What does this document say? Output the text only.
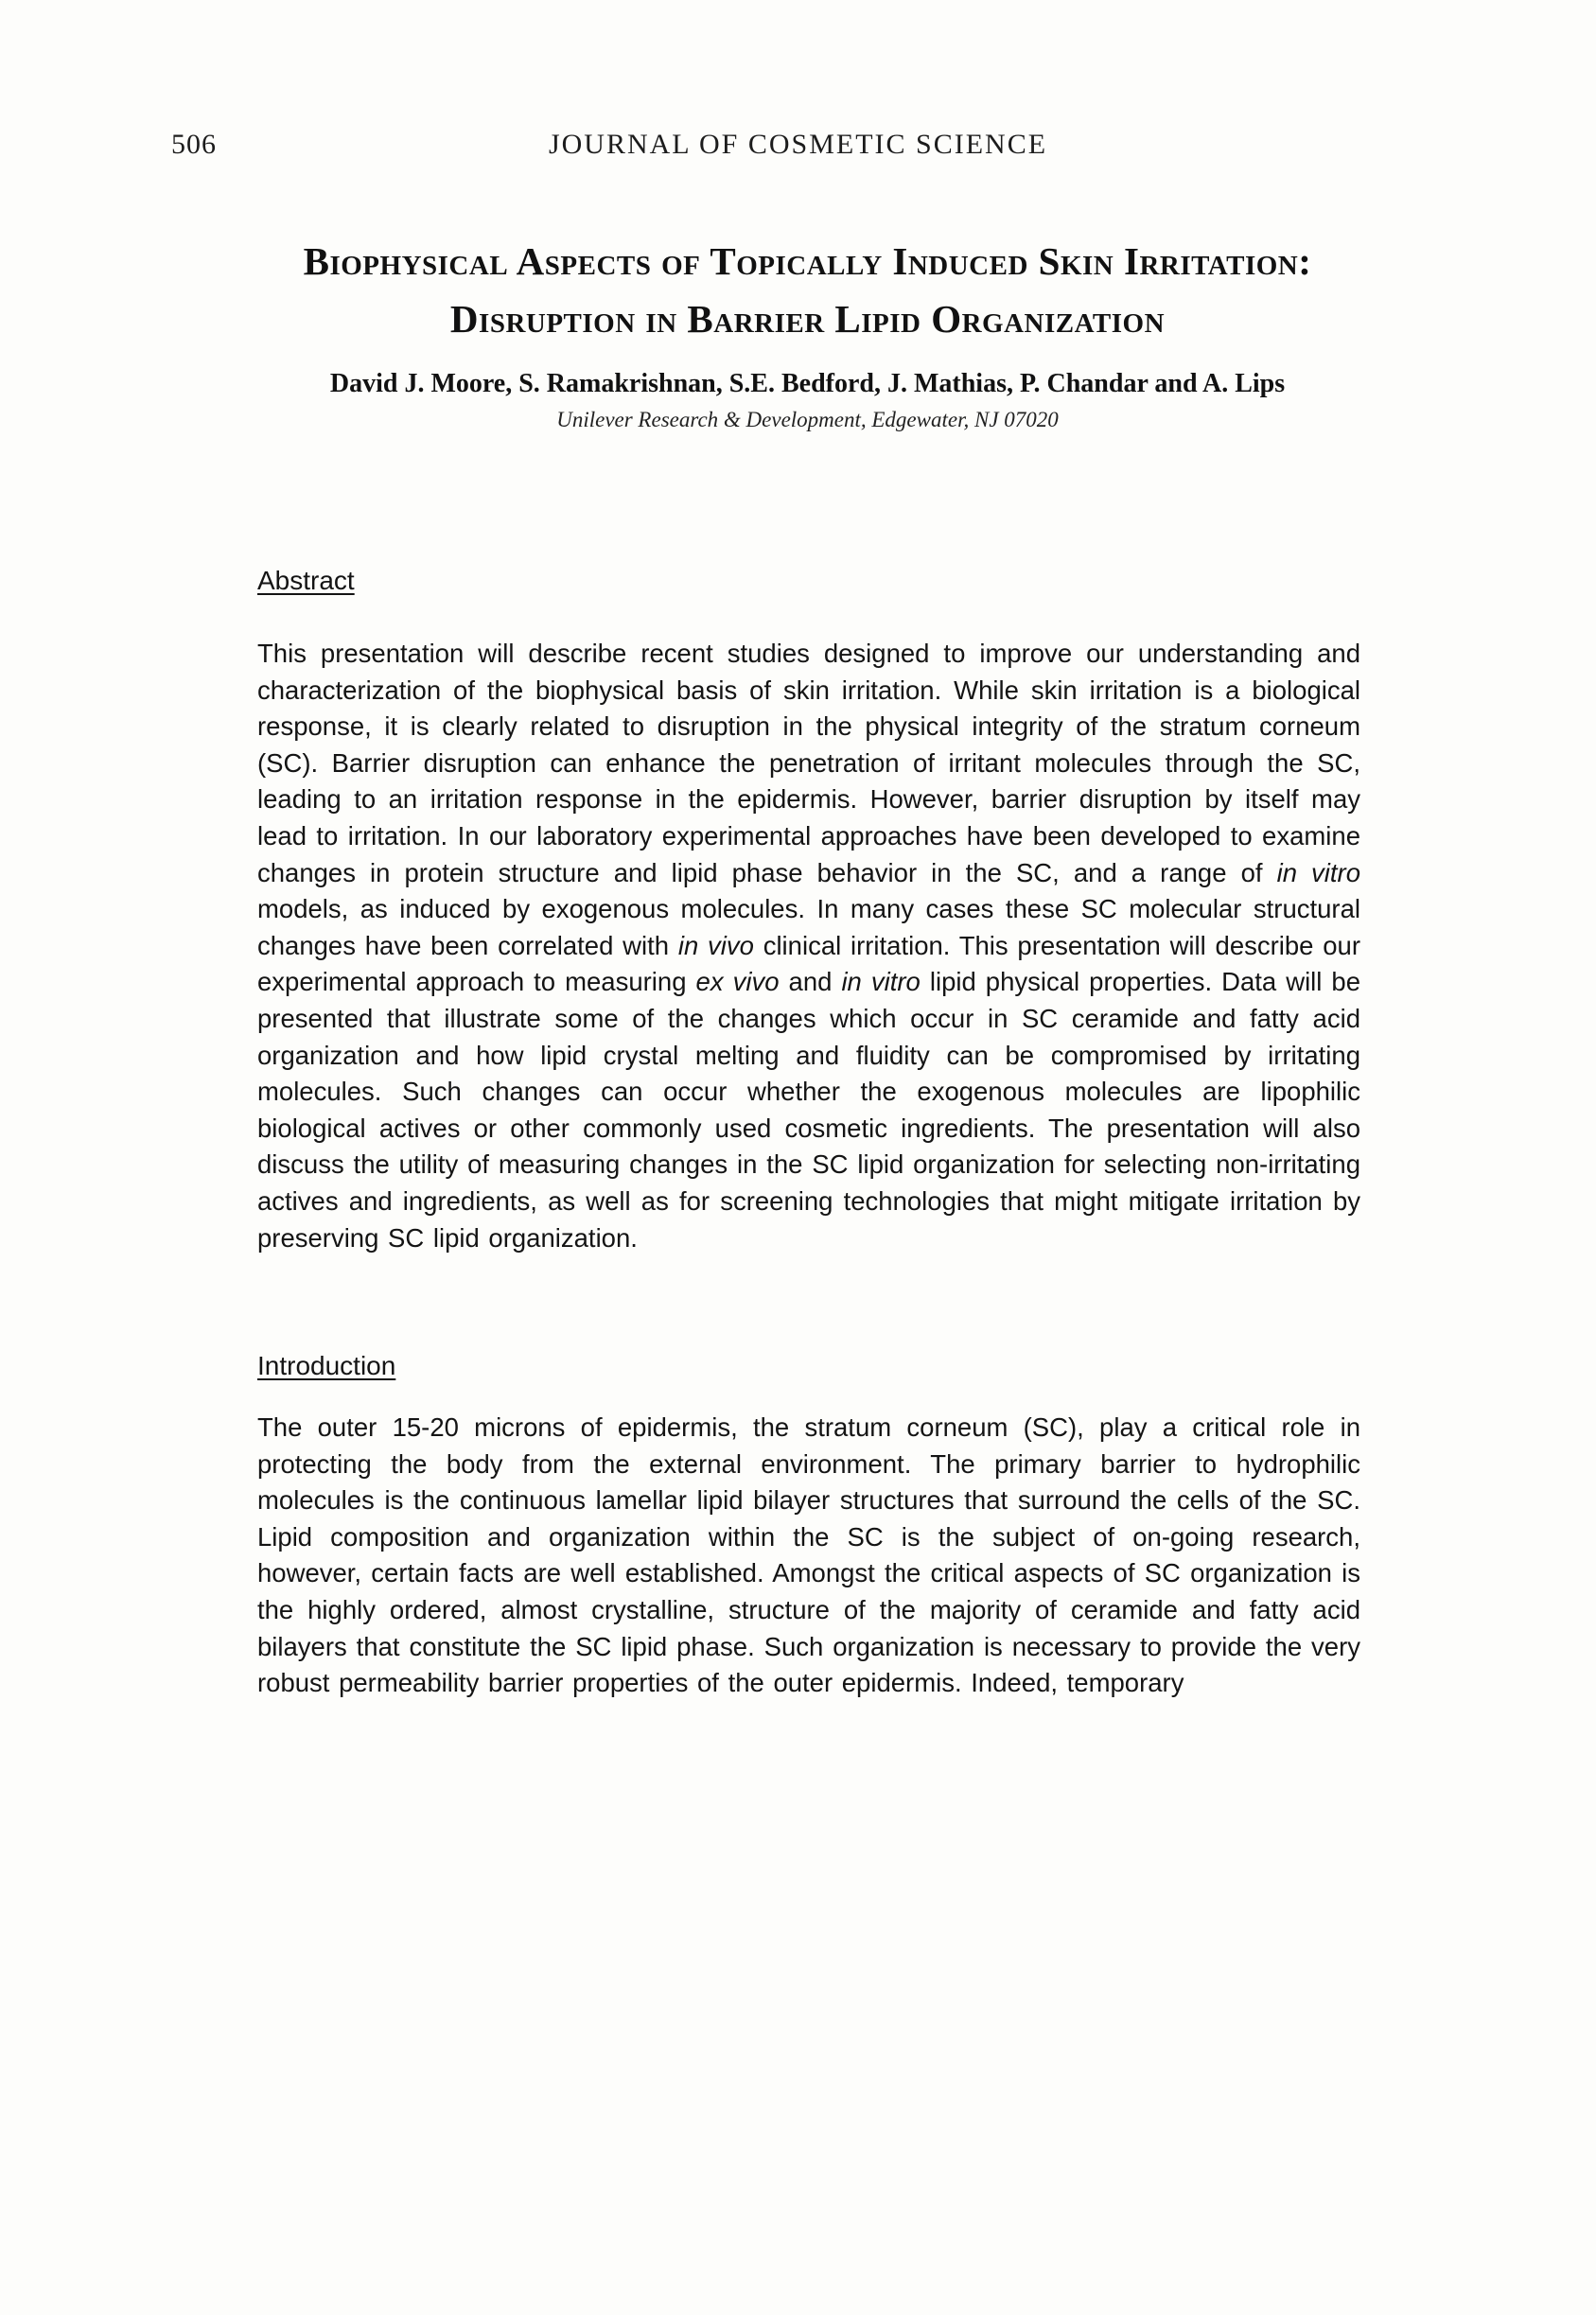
506	JOURNAL OF COSMETIC SCIENCE
Biophysical Aspects of Topically Induced Skin Irritation:
Disruption in Barrier Lipid Organization
David J. Moore, S. Ramakrishnan, S.E. Bedford, J. Mathias, P. Chandar and A. Lips
Unilever Research & Development, Edgewater, NJ 07020
Abstract

This presentation will describe recent studies designed to improve our understanding and characterization of the biophysical basis of skin irritation. While skin irritation is a biological response, it is clearly related to disruption in the physical integrity of the stratum corneum (SC). Barrier disruption can enhance the penetration of irritant molecules through the SC, leading to an irritation response in the epidermis. However, barrier disruption by itself may lead to irritation. In our laboratory experimental approaches have been developed to examine changes in protein structure and lipid phase behavior in the SC, and a range of in vitro models, as induced by exogenous molecules. In many cases these SC molecular structural changes have been correlated with in vivo clinical irritation. This presentation will describe our experimental approach to measuring ex vivo and in vitro lipid physical properties. Data will be presented that illustrate some of the changes which occur in SC ceramide and fatty acid organization and how lipid crystal melting and fluidity can be compromised by irritating molecules. Such changes can occur whether the exogenous molecules are lipophilic biological actives or other commonly used cosmetic ingredients. The presentation will also discuss the utility of measuring changes in the SC lipid organization for selecting non-irritating actives and ingredients, as well as for screening technologies that might mitigate irritation by preserving SC lipid organization.

Introduction

The outer 15-20 microns of epidermis, the stratum corneum (SC), play a critical role in protecting the body from the external environment. The primary barrier to hydrophilic molecules is the continuous lamellar lipid bilayer structures that surround the cells of the SC. Lipid composition and organization within the SC is the subject of on-going research, however, certain facts are well established. Amongst the critical aspects of SC organization is the highly ordered, almost crystalline, structure of the majority of ceramide and fatty acid bilayers that constitute the SC lipid phase. Such organization is necessary to provide the very robust permeability barrier properties of the outer epidermis. Indeed, temporary
